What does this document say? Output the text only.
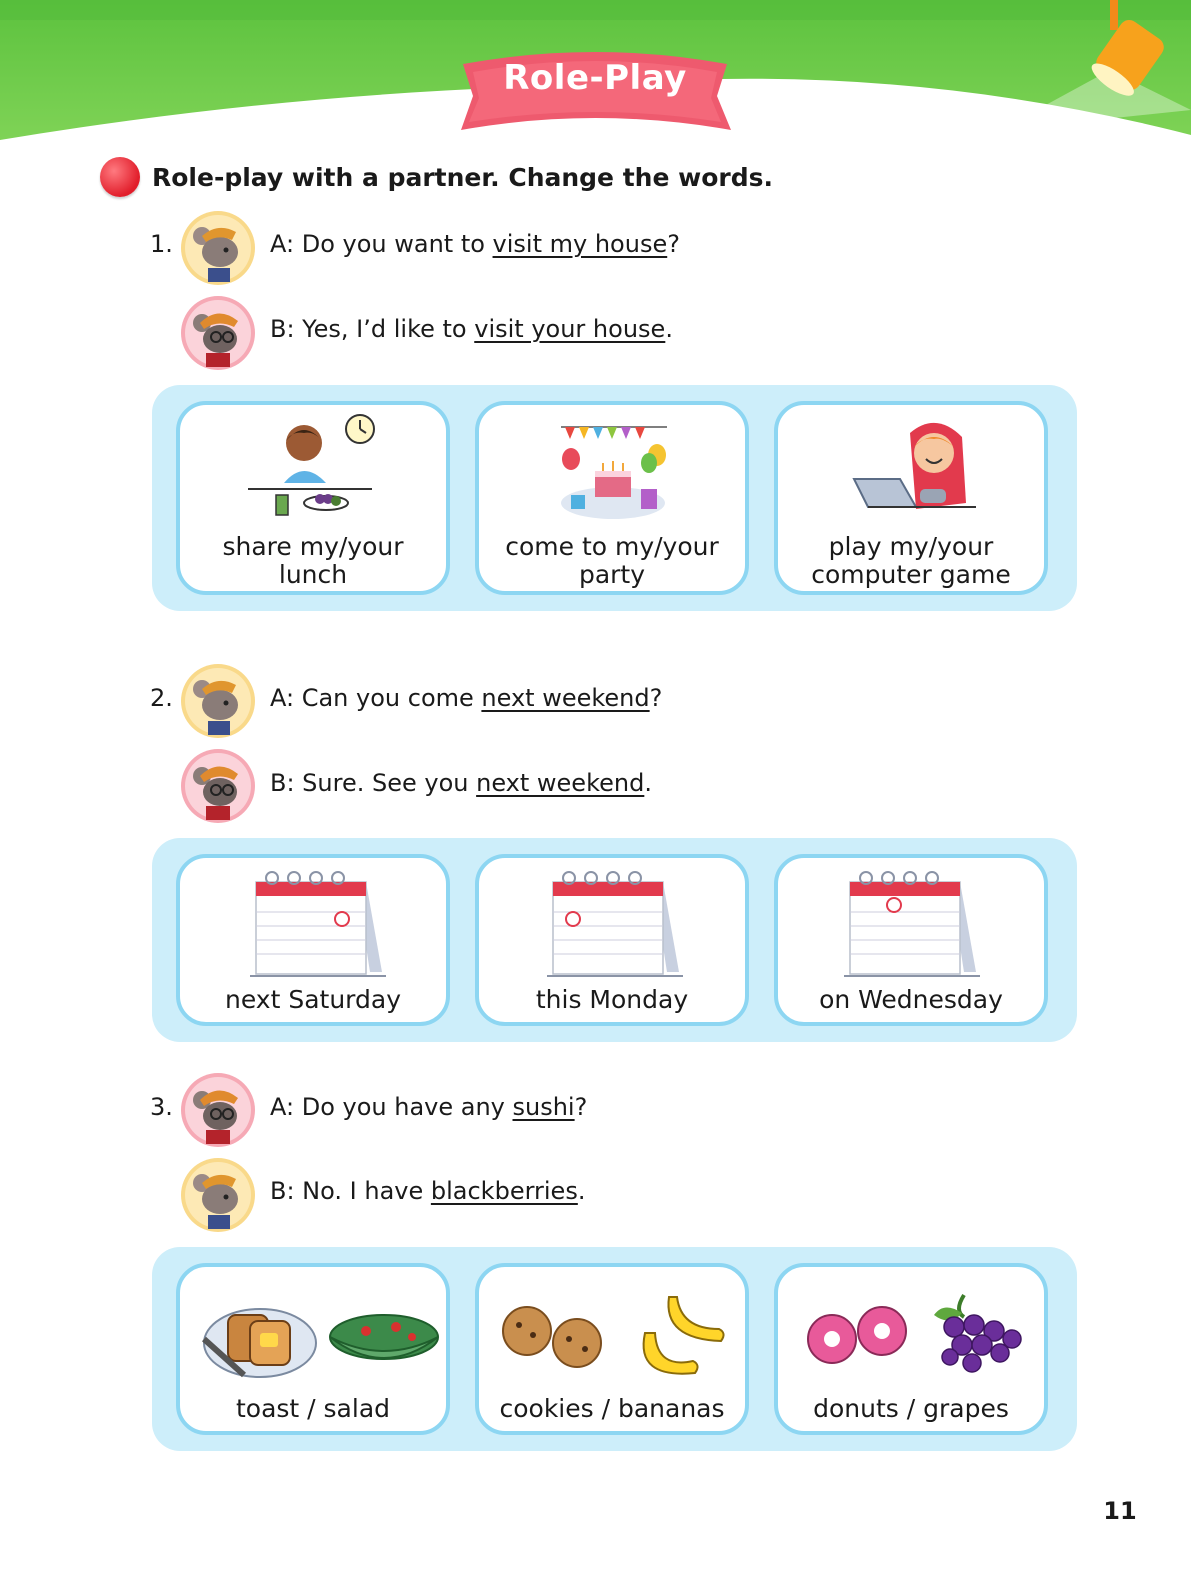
Role-Play
Role-play with a partner. Change the words.
1.	A: Do you want to visit my house?
B: Yes, I’d like to visit your house.
share my/your
lunch
come to my/your
party
play my/your
computer game
2.	A: Can you come next weekend?
B: Sure. See you next weekend.
next Saturday	this Monday	on Wednesday
3.	A: Do you have any sushi?
B: No. I have blackberries.
toast / salad	cookies / bananas	donuts / grapes
11
